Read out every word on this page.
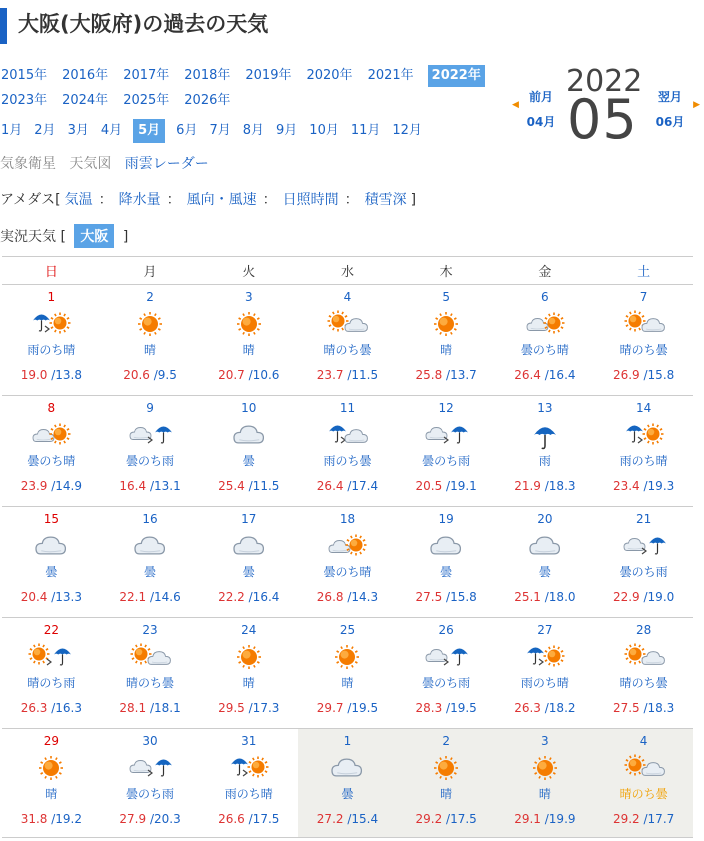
大阪(大阪府)の過去の天気
2015年 2016年 2017年 2018年 2019年 2020年 2021年 2022年
2023年 2024年 2025年 2026年
1月 2月 3月 4月 5月 6月 7月 8月 9月 10月 11月 12月
◀
前月
04月
2022
05	翌月
▶
06月
気象衛星 天気図 雨雲レーダー
アメダス[ 気温 ： 降水量 ： 風向・風速 ： 日照時間 ： 積雪深 ]
実況天気 [ 大阪 ]
日	月	火	水	木	金	土

1
雨のち晴
19.0 /13.8	2
晴
20.6 /9.5	3
晴
20.7 /10.6	4
晴のち曇
23.7 /11.5	5
晴
25.8 /13.7	6
曇のち晴
26.4 /16.4	7
晴のち曇
26.9 /15.8

8
曇のち晴
23.9 /14.9	9
曇のち雨
16.4 /13.1	10
曇
25.4 /11.5	11
雨のち曇
26.4 /17.4	12
曇のち雨
20.5 /19.1	13
雨
21.9 /18.3	14
雨のち晴
23.4 /19.3

15
曇
20.4 /13.3	16
曇
22.1 /14.6	17
曇
22.2 /16.4	18
曇のち晴
26.8 /14.3	19
曇
27.5 /15.8	20
曇
25.1 /18.0	21
曇のち雨
22.9 /19.0

22
晴のち雨
26.3 /16.3	23
晴のち曇
28.1 /18.1	24
晴
29.5 /17.3	25
晴
29.7 /19.5	26
曇のち雨
28.3 /19.5	27
雨のち晴
26.3 /18.2	28
晴のち曇
27.5 /18.3

29
晴
31.8 /19.2	30
曇のち雨
27.9 /20.3	31
雨のち晴
26.6 /17.5	1
曇
27.2 /15.4	2
晴
29.2 /17.5	3
晴
29.1 /19.9	4
晴のち曇
29.2 /17.7
